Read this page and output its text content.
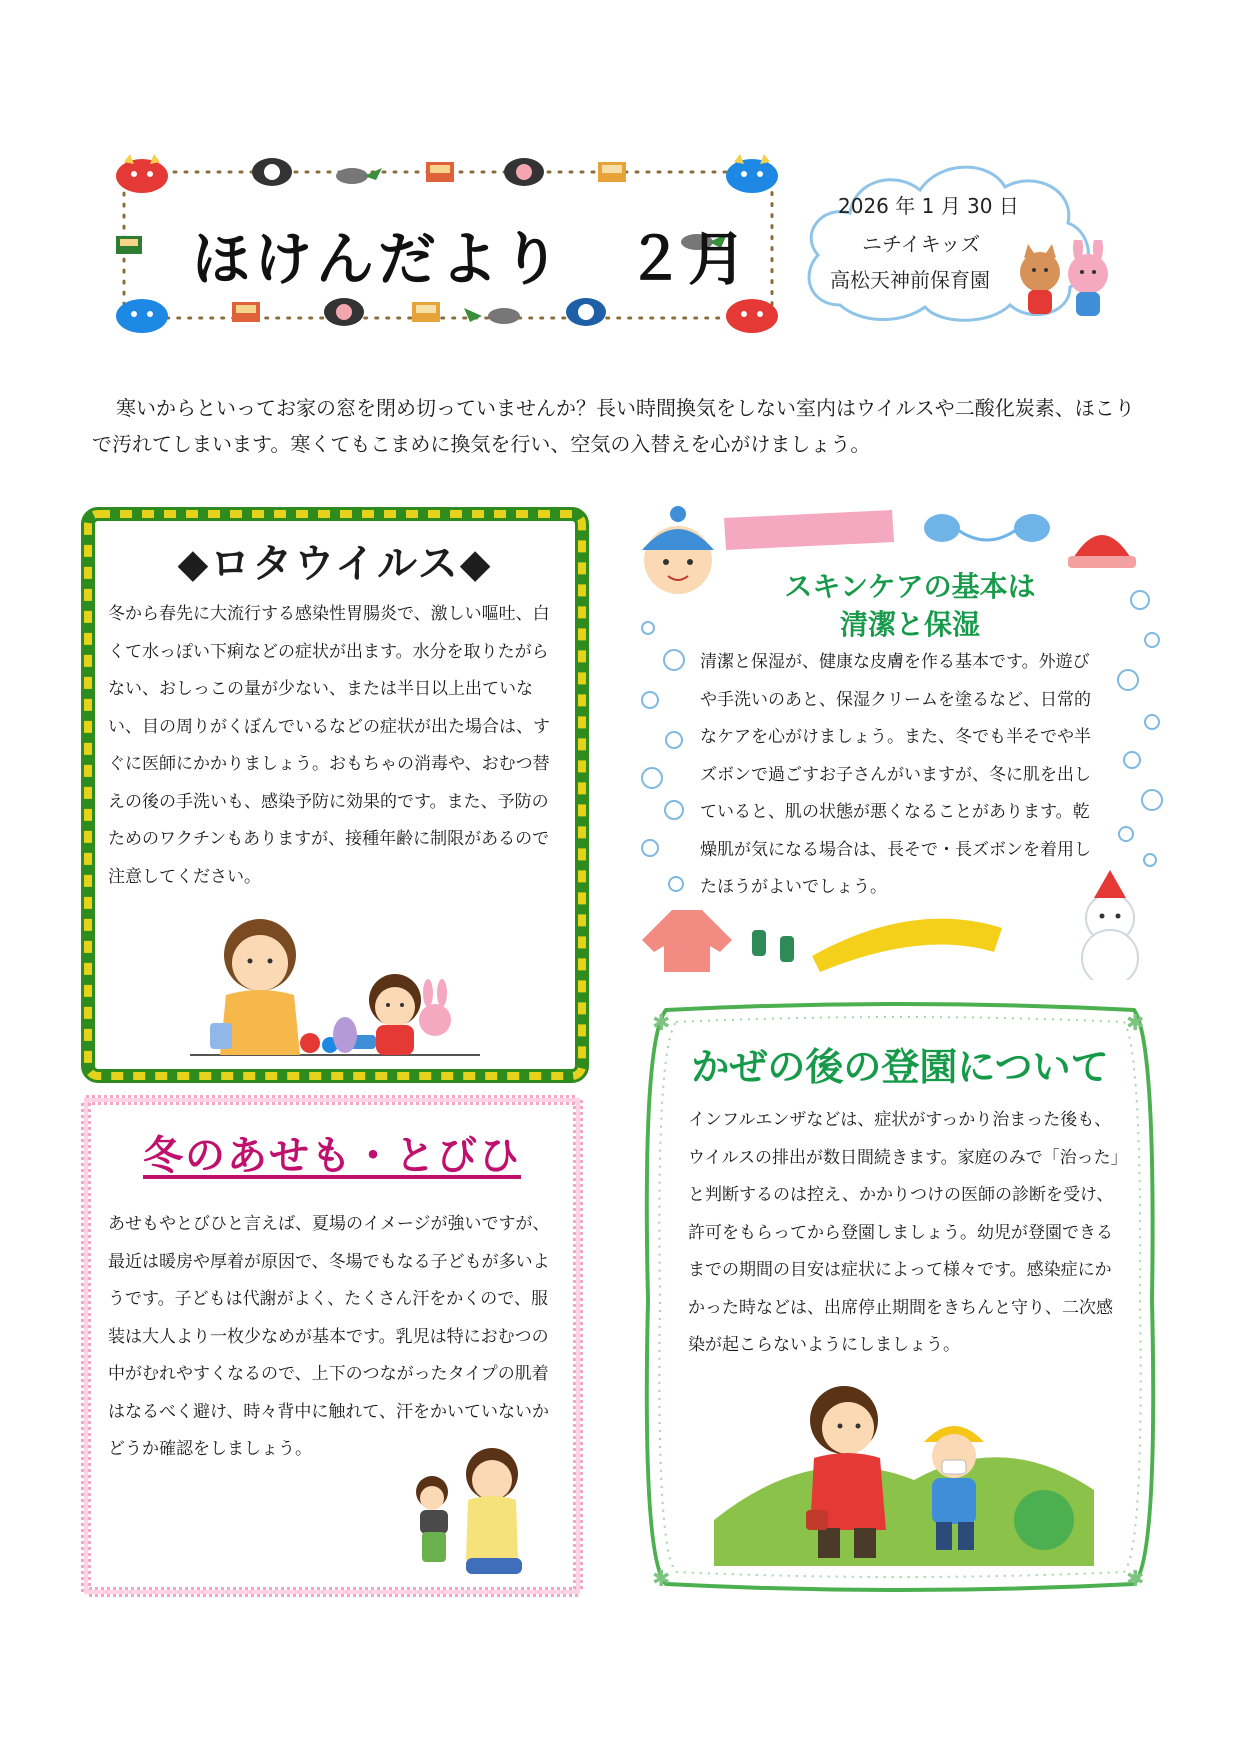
ほけんだより　２月
2026 年 1 月 30 日
ニチイキッズ
高松天神前保育園
寒いからといってお家の窓を閉め切っていませんか？長い時間換気をしない室内はウイルスや二酸化炭素、ほこりで汚れてしまいます。寒くてもこまめに換気を行い、空気の入替えを心がけましょう。
◆ロタウイルス◆
冬から春先に大流行する感染性胃腸炎で、激しい嘔吐、白くて水っぽい下痢などの症状が出ます。水分を取りたがらない、おしっこの量が少ない、または半日以上出ていない、目の周りがくぼんでいるなどの症状が出た場合は、すぐに医師にかかりましょう。おもちゃの消毒や、おむつ替えの後の手洗いも、感染予防に効果的です。また、予防のためのワクチンもありますが、接種年齢に制限があるので注意してください。
冬のあせも・とびひ
あせもやとびひと言えば、夏場のイメージが強いですが、最近は暖房や厚着が原因で、冬場でもなる子どもが多いようです。子どもは代謝がよく、たくさん汗をかくので、服装は大人より一枚少なめが基本です。乳児は特におむつの中がむれやすくなるので、上下のつながったタイプの肌着はなるべく避け、時々背中に触れて、汗をかいていないかどうか確認をしましょう。
スキンケアの基本は
清潔と保湿
清潔と保湿が、健康な皮膚を作る基本です。外遊びや手洗いのあと、保湿クリームを塗るなど、日常的なケアを心がけましょう。また、冬でも半そでや半ズボンで過ごすお子さんがいますが、冬に肌を出していると、肌の状態が悪くなることがあります。乾燥肌が気になる場合は、長そで・長ズボンを着用したほうがよいでしょう。
✱	✱
✱	✱
かぜの後の登園について
インフルエンザなどは、症状がすっかり治まった後も、ウイルスの排出が数日間続きます。家庭のみで「治った」と判断するのは控え、かかりつけの医師の診断を受け、許可をもらってから登園しましょう。幼児が登園できるまでの期間の目安は症状によって様々です。感染症にかかった時などは、出席停止期間をきちんと守り、二次感染が起こらないようにしましょう。
